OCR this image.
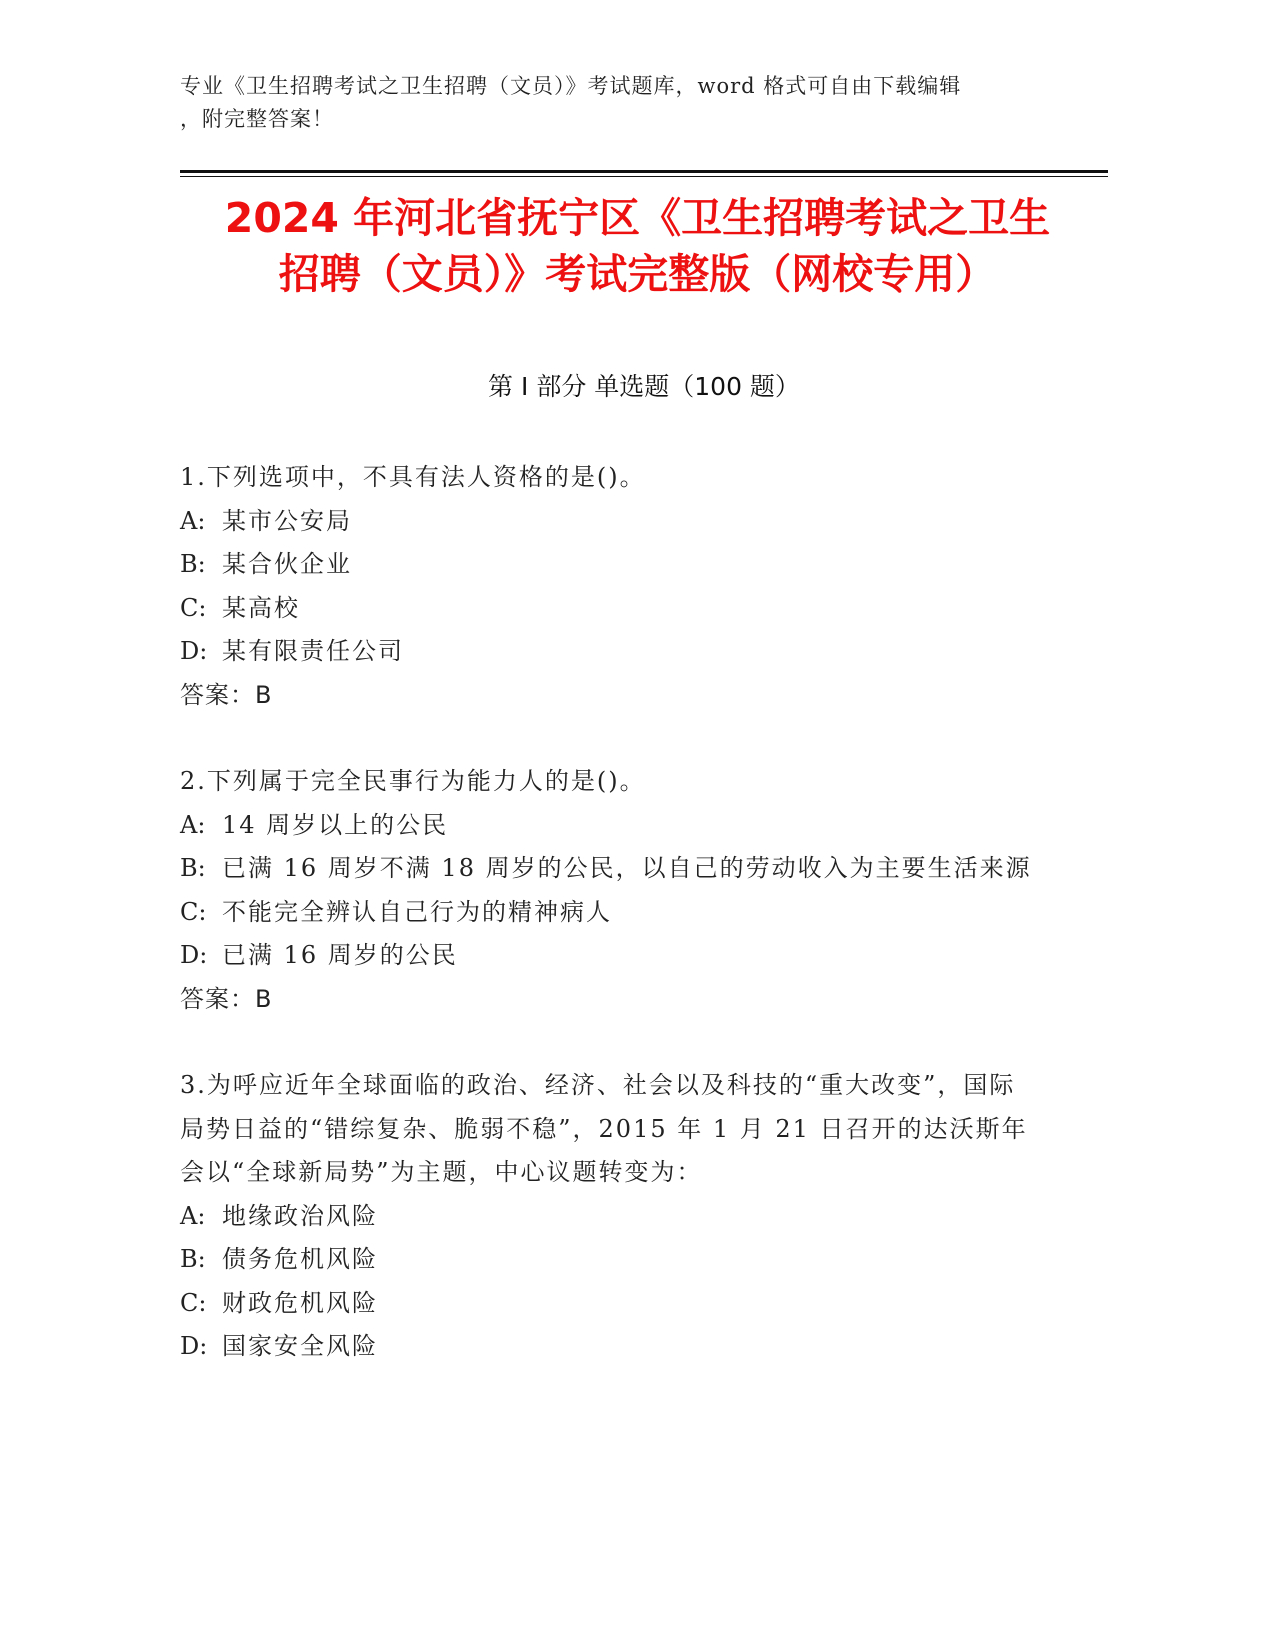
专业《卫生招聘考试之卫生招聘（文员）》考试题库，word 格式可自由下载编辑
，附完整答案！
2024 年河北省抚宁区《卫生招聘考试之卫生
招聘（文员）》考试完整版（网校专用）
第 I 部分 单选题（100 题）

1.下列选项中，不具有法人资格的是()。

A: 某市公安局

B: 某合伙企业

C: 某高校

D: 某有限责任公司

答案：B

2.下列属于完全民事行为能力人的是()。

A: 14 周岁以上的公民

B: 已满 16 周岁不满 18 周岁的公民，以自己的劳动收入为主要生活来源

C: 不能完全辨认自己行为的精神病人

D: 已满 16 周岁的公民

答案：B

3.为呼应近年全球面临的政治、经济、社会以及科技的“重大改变”，国际局势日益的“错综复杂、脆弱不稳”，2015 年 1 月 21 日召开的达沃斯年会以“全球新局势”为主题，中心议题转变为：

A: 地缘政治风险

B: 债务危机风险

C: 财政危机风险

D: 国家安全风险
